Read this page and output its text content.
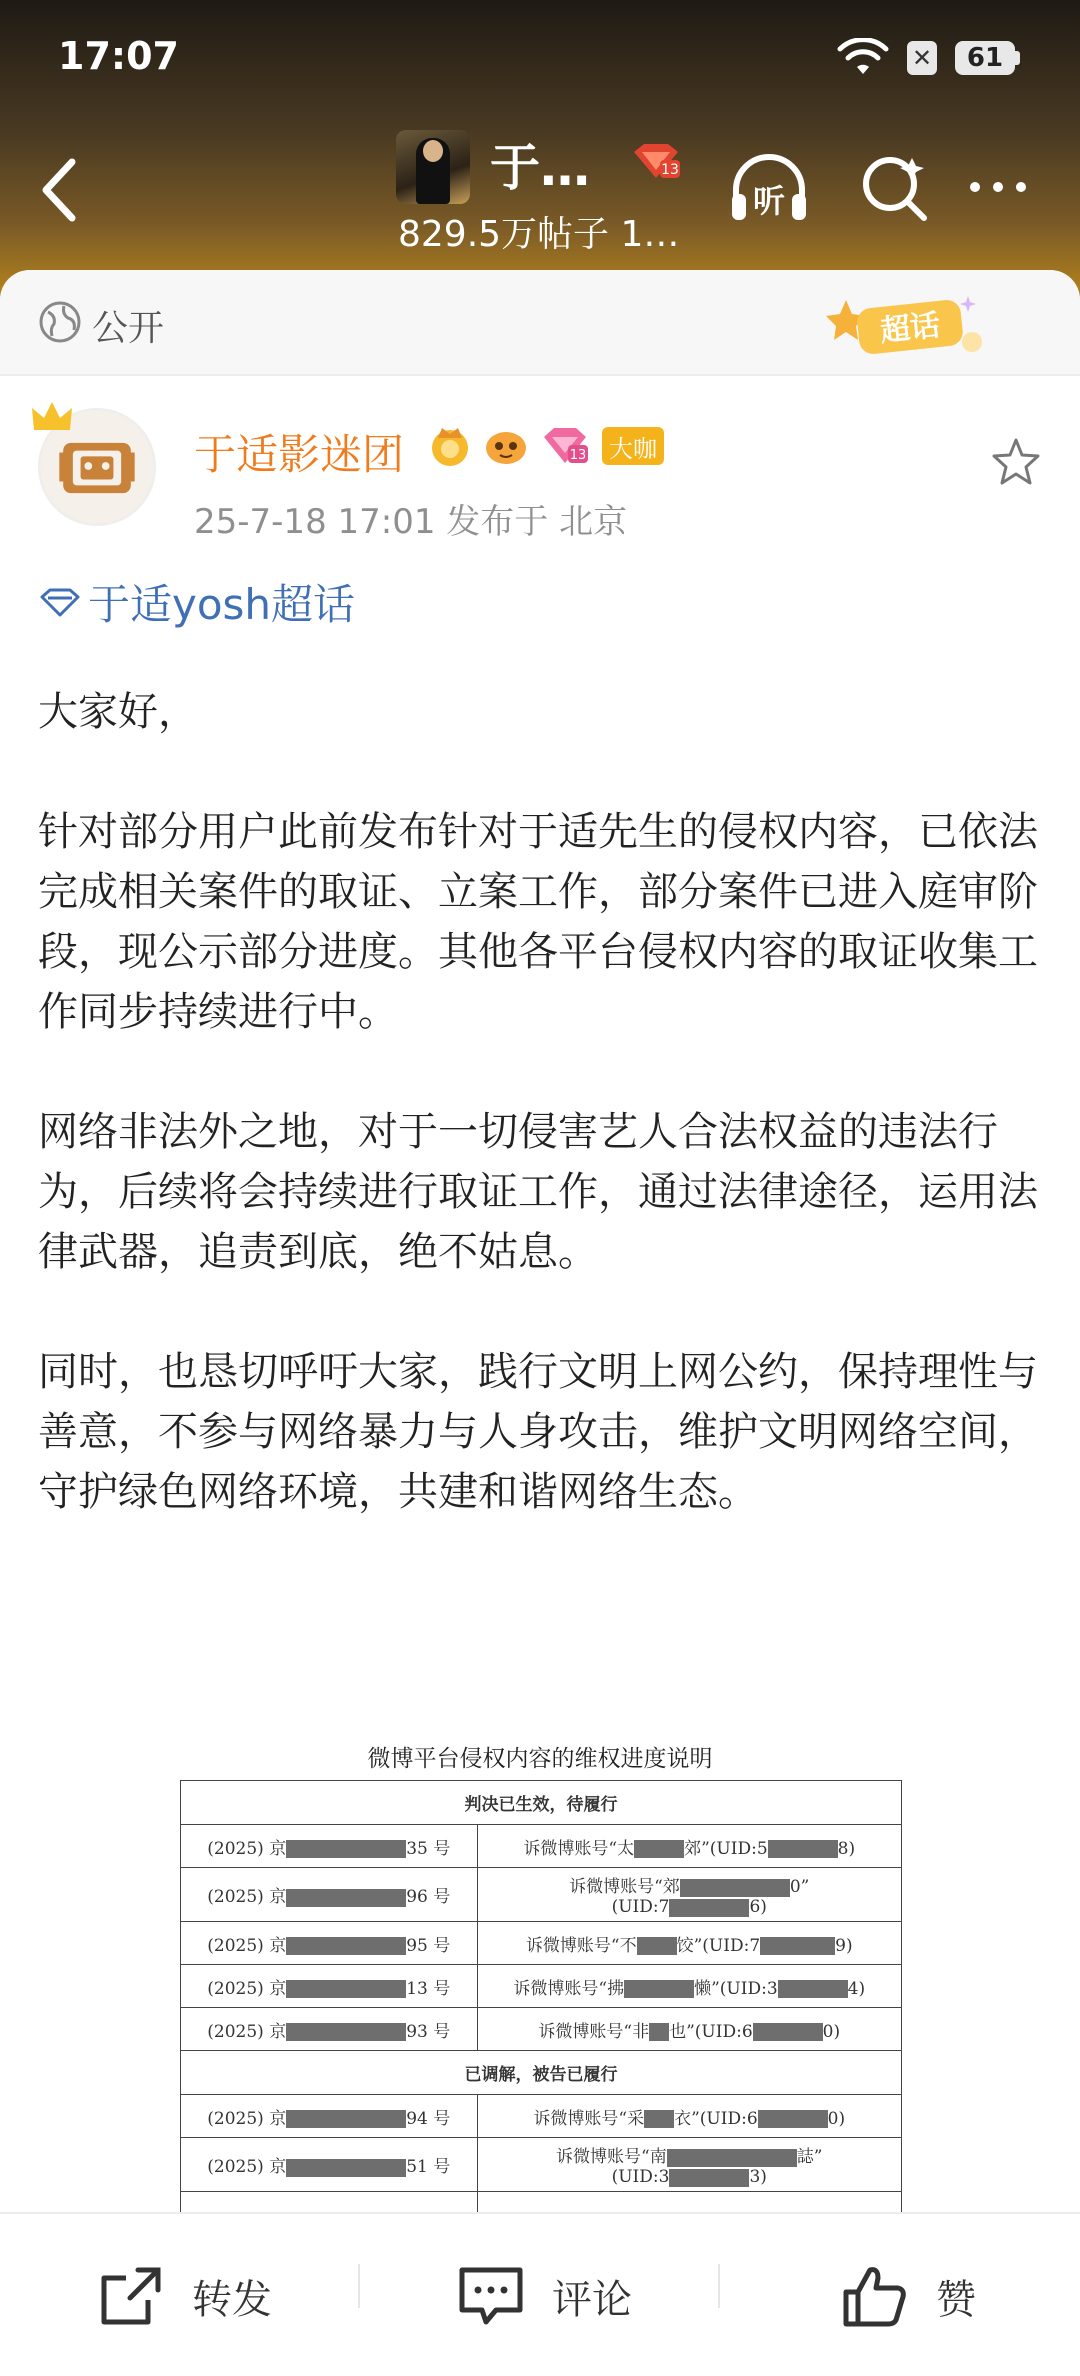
17:07	✕	61
于…	13
829.5万帖子 1…
听
公开	超话
于适影迷团	13 大咖
25-7-18 17:01 发布于 北京
于适yosh超话

大家好，

针对部分用户此前发布针对于适先生的侵权内容，已依法完成相关案件的取证、立案工作，部分案件已进入庭审阶段，现公示部分进度。其他各平台侵权内容的取证收集工作同步持续进行中。

网络非法外之地，对于一切侵害艺人合法权益的违法行为，后续将会持续进行取证工作，通过法律途径，运用法律武器，追责到底，绝不姑息。

同时，也恳切呼吁大家，践行文明上网公约，保持理性与善意，不参与网络暴力与人身攻击，维护文明网络空间，守护绿色网络环境，共建和谐网络生态。

微博平台侵权内容的维权进度说明
判决已生效，待履行	
(2025) 京 35 号	诉微博账号“太 郊”(UID:5 8)
(2025) 京 96 号	诉微博账号“郊 0”
(UID:7 6)
(2025) 京 95 号	诉微博账号“不 饺”(UID:7 9)
(2025) 京 13 号	诉微博账号“拂 懒”(UID:3 4)
(2025) 京 93 号	诉微博账号“非 也”(UID:6 0)
已调解，被告已履行	
(2025) 京 94 号	诉微博账号“采 衣”(UID:6 0)
(2025) 京 51 号	诉微博账号“南 誌”
(UID:3 3)

转发	评论	赞
